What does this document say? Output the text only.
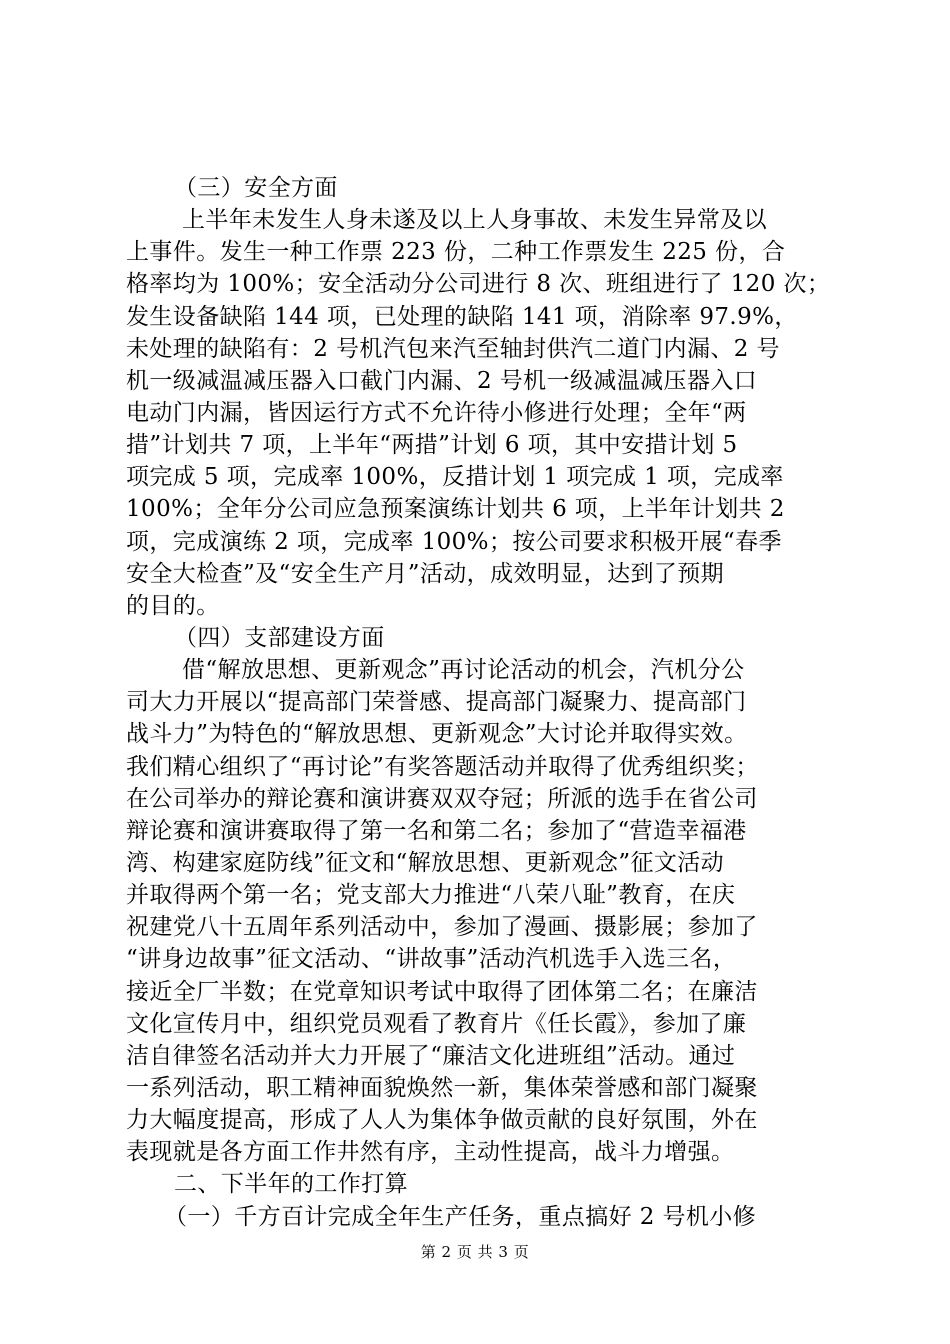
（三）安全方面
上半年未发生人身未遂及以上人身事故、未发生异常及以
上事件。发生一种工作票 223 份，二种工作票发生 225 份，合
格率均为 100%；安全活动分公司进行 8 次、班组进行了 120 次；
发生设备缺陷 144 项，已处理的缺陷 141 项，消除率 97.9%，
未处理的缺陷有：2 号机汽包来汽至轴封供汽二道门内漏、2 号
机一级减温减压器入口截门内漏、2 号机一级减温减压器入口
电动门内漏，皆因运行方式不允许待小修进行处理；全年“两
措”计划共 7 项，上半年“两措”计划 6 项，其中安措计划 5
项完成 5 项，完成率 100%，反措计划 1 项完成 1 项，完成率
100%；全年分公司应急预案演练计划共 6 项，上半年计划共 2
项，完成演练 2 项，完成率 100%；按公司要求积极开展“春季
安全大检查”及“安全生产月”活动，成效明显，达到了预期
的目的。
（四）支部建设方面
借“解放思想、更新观念”再讨论活动的机会，汽机分公
司大力开展以“提高部门荣誉感、提高部门凝聚力、提高部门
战斗力”为特色的“解放思想、更新观念”大讨论并取得实效。
我们精心组织了“再讨论”有奖答题活动并取得了优秀组织奖；
在公司举办的辩论赛和演讲赛双双夺冠；所派的选手在省公司
辩论赛和演讲赛取得了第一名和第二名；参加了“营造幸福港
湾、构建家庭防线”征文和“解放思想、更新观念”征文活动
并取得两个第一名；党支部大力推进“八荣八耻”教育，在庆
祝建党八十五周年系列活动中，参加了漫画、摄影展；参加了
“讲身边故事”征文活动、“讲故事”活动汽机选手入选三名，
接近全厂半数；在党章知识考试中取得了团体第二名；在廉洁
文化宣传月中，组织党员观看了教育片《任长霞》，参加了廉
洁自律签名活动并大力开展了“廉洁文化进班组”活动。通过
一系列活动，职工精神面貌焕然一新，集体荣誉感和部门凝聚
力大幅度提高，形成了人人为集体争做贡献的良好氛围，外在
表现就是各方面工作井然有序，主动性提高，战斗力增强。
二、下半年的工作打算
（一）千方百计完成全年生产任务，重点搞好 2 号机小修
第 2 页 共 3 页
